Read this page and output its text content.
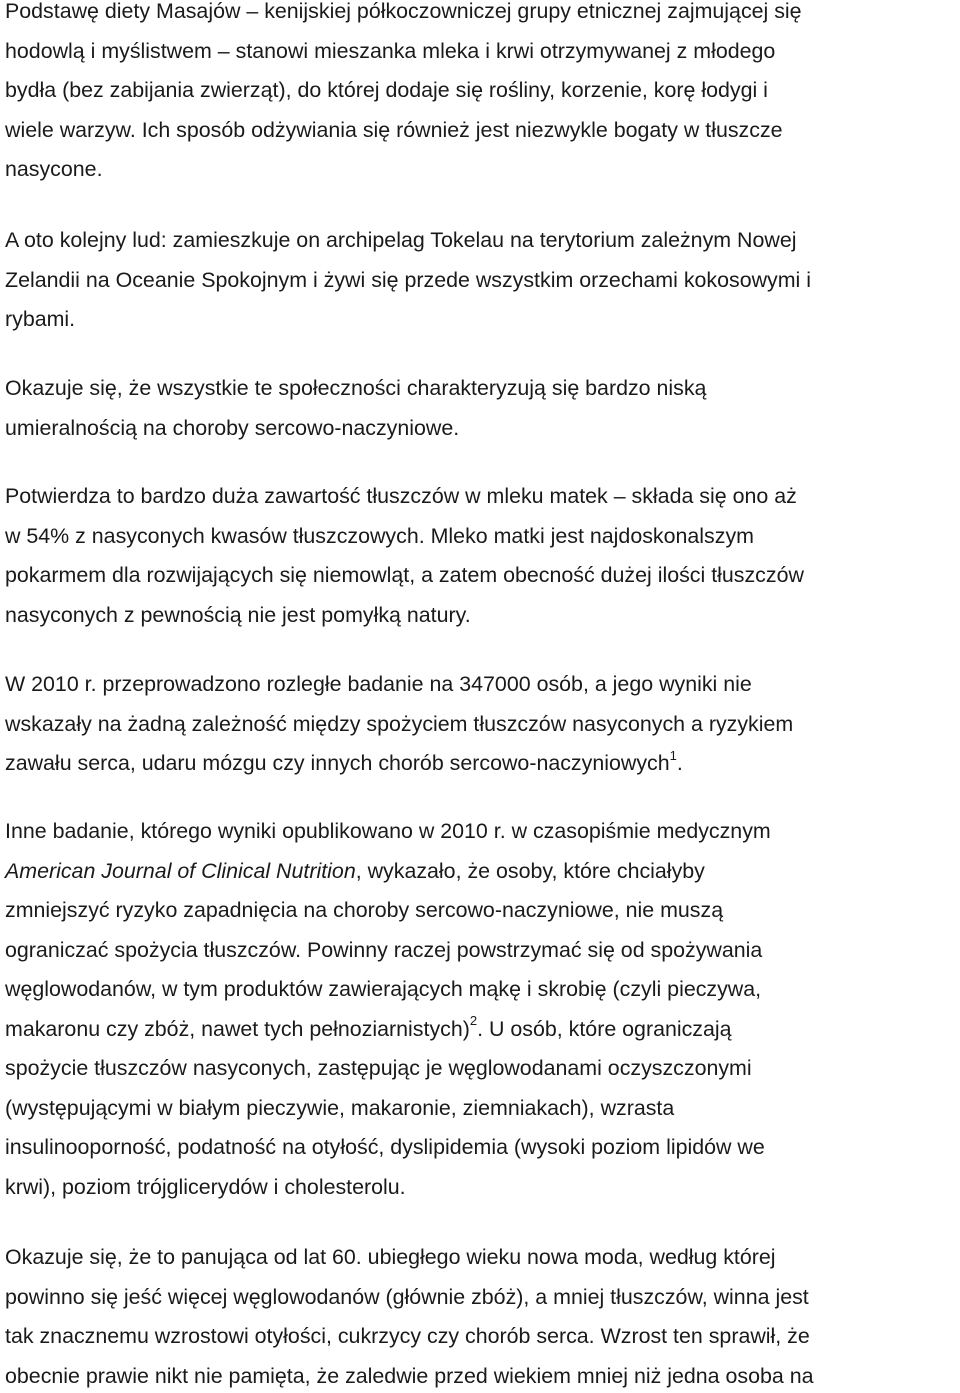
Podstawę diety Masajów – kenijskiej półkoczowniczej grupy etnicznej zajmującej się
hodowlą i myślistwem – stanowi mieszanka mleka i krwi otrzymywanej z młodego
bydła (bez zabijania zwierząt), do której dodaje się rośliny, korzenie, korę łodygi i
wiele warzyw. Ich sposób odżywiania się również jest niezwykle bogaty w tłuszcze
nasycone.

A oto kolejny lud: zamieszkuje on archipelag Tokelau na terytorium zależnym Nowej
Zelandii na Oceanie Spokojnym i żywi się przede wszystkim orzechami kokosowymi i
rybami.

Okazuje się, że wszystkie te społeczności charakteryzują się bardzo niską
umieralnością na choroby sercowo-naczyniowe.

Potwierdza to bardzo duża zawartość tłuszczów w mleku matek – składa się ono aż
w 54% z nasyconych kwasów tłuszczowych. Mleko matki jest najdoskonalszym
pokarmem dla rozwijających się niemowląt, a zatem obecność dużej ilości tłuszczów
nasyconych z pewnością nie jest pomyłką natury.

W 2010 r. przeprowadzono rozległe badanie na 347000 osób, a jego wyniki nie
wskazały na żadną zależność między spożyciem tłuszczów nasyconych a ryzykiem
zawału serca, udaru mózgu czy innych chorób sercowo-naczyniowych$^1$.

Inne badanie, którego wyniki opublikowano w 2010 r. w czasopiśmie medycznym
American Journal of Clinical Nutrition, wykazało, że osoby, które chciałyby
zmniejszyć ryzyko zapadnięcia na choroby sercowo-naczyniowe, nie muszą
ograniczać spożycia tłuszczów. Powinny raczej powstrzymać się od spożywania
węglowodanów, w tym produktów zawierających mąkę i skrobię (czyli pieczywa,
makaronu czy zbóż, nawet tych pełnoziarnistych)$^2$. U osób, które ograniczają
spożycie tłuszczów nasyconych, zastępując je węglowodanami oczyszczonymi
(występującymi w białym pieczywie, makaronie, ziemniakach), wzrasta
insulinooporność, podatność na otyłość, dyslipidemia (wysoki poziom lipidów we
krwi), poziom trójglicerydów i cholesterolu.

Okazuje się, że to panująca od lat 60. ubiegłego wieku nowa moda, według której
powinno się jeść więcej węglowodanów (głównie zbóż), a mniej tłuszczów, winna jest
tak znacznemu wzrostowi otyłości, cukrzycy czy chorób serca. Wzrost ten sprawił, że
obecnie prawie nikt nie pamięta, że zaledwie przed wiekiem mniej niż jedna osoba na
